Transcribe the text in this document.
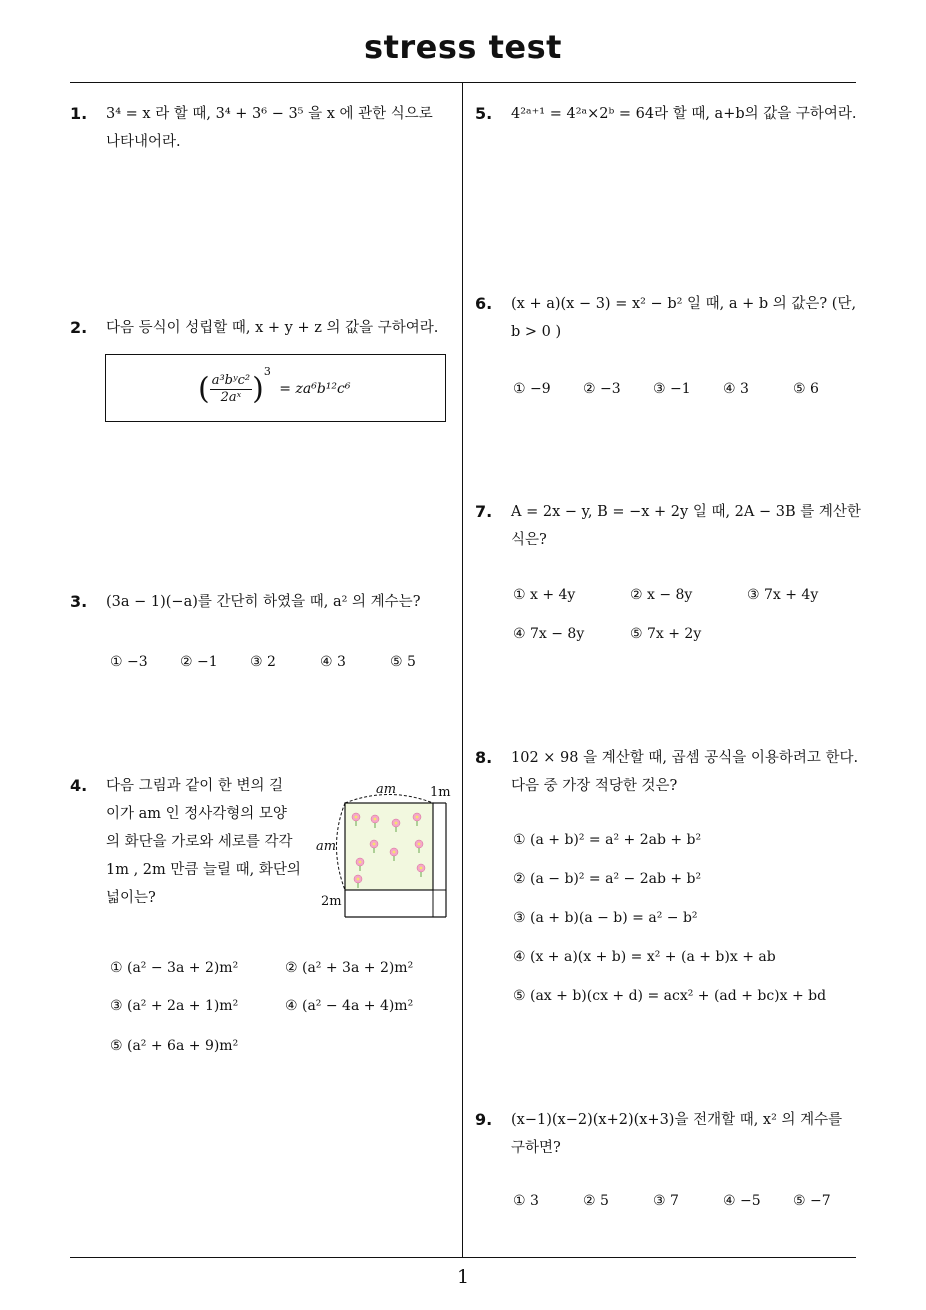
stress test
1
1. 3⁴ = x 라 할 때, 3⁴ + 3⁶ − 3⁵ 을 x 에 관한 식으로
나타내어라.
2. 다음 등식이 성립할 때, x + y + z 의 값을 구하여라.
( $\frac{\text{a³bʸc²}}{\text{2aˣ}} )^3 = za^6b^{12}c^6$
3. (3a − 1)(−a)를 간단히 하였을 때, a² 의 계수는?
① −3 ② −1 ③ 2	④ 3	⑤ 5
4. 다음 그림과 같이 한 변의 길
이가 am 인 정사각형의 모양
의 화단을 가로와 세로를 각각
1m , 2m 만큼 늘릴 때, 화단의
넓이는?
am	1m
am
2m
① (a² − 3a + 2)m²	② (a² + 3a + 2)m²
③ (a² + 2a + 1)m²	④ (a² − 4a + 4)m²
⑤ (a² + 6a + 9)m²
5. 4²ᵃ⁺¹ = 4²ᵃ×2ᵇ = 64라 할 때, a+b의 값을 구하여라.
6. (x + a)(x − 3) = x² − b² 일 때, a + b 의 값은? (단,
b > 0 )
① −9 ② −3 ③ −1 ④ 3	⑤ 6
7. A = 2x − y, B = −x + 2y 일 때, 2A − 3B 를 계산한
식은?
① x + 4y	② x − 8y	③ 7x + 4y
④ 7x − 8y	⑤ 7x + 2y
8. 102 × 98 을 계산할 때, 곱셈 공식을 이용하려고 한다.
다음 중 가장 적당한 것은?
① (a + b)² = a² + 2ab + b²
② (a − b)² = a² − 2ab + b²
③ (a + b)(a − b) = a² − b²
④ (x + a)(x + b) = x² + (a + b)x + ab
⑤ (ax + b)(cx + d) = acx² + (ad + bc)x + bd
9. (x−1)(x−2)(x+2)(x+3)을 전개할 때, x² 의 계수를
구하면?
① 3	② 5	③ 7	④ −5 ⑤ −7
